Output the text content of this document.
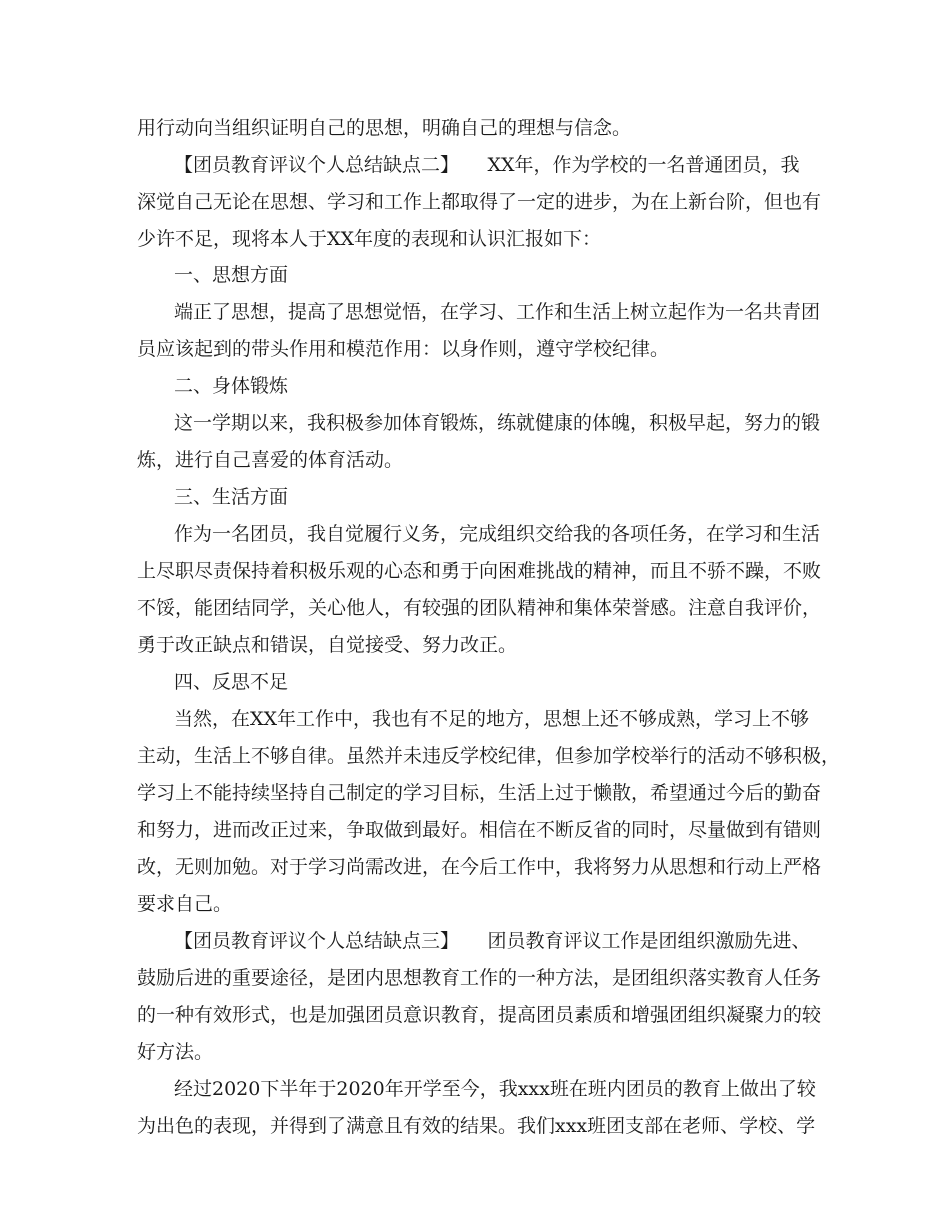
用行动向当组织证明自己的思想，明确自己的理想与信念。
【团员教育评议个人总结缺点二】　　XX年，作为学校的一名普通团员，我
深觉自己无论在思想、学习和工作上都取得了一定的进步，为在上新台阶，但也有
少许不足，现将本人于XX年度的表现和认识汇报如下：
一、思想方面
端正了思想，提高了思想觉悟，在学习、工作和生活上树立起作为一名共青团
员应该起到的带头作用和模范作用：以身作则，遵守学校纪律。
二、身体锻炼
这一学期以来，我积极参加体育锻炼，练就健康的体魄，积极早起，努力的锻
炼，进行自己喜爱的体育活动。
三、生活方面
作为一名团员，我自觉履行义务，完成组织交给我的各项任务，在学习和生活
上尽职尽责保持着积极乐观的心态和勇于向困难挑战的精神，而且不骄不躁，不败
不馁，能团结同学，关心他人，有较强的团队精神和集体荣誉感。注意自我评价，
勇于改正缺点和错误，自觉接受、努力改正。
四、反思不足
当然，在XX年工作中，我也有不足的地方，思想上还不够成熟，学习上不够
主动，生活上不够自律。虽然并未违反学校纪律，但参加学校举行的活动不够积极，
学习上不能持续坚持自己制定的学习目标，生活上过于懒散，希望通过今后的勤奋
和努力，进而改正过来，争取做到最好。相信在不断反省的同时，尽量做到有错则
改，无则加勉。对于学习尚需改进，在今后工作中，我将努力从思想和行动上严格
要求自己。
【团员教育评议个人总结缺点三】　　团员教育评议工作是团组织激励先进、
鼓励后进的重要途径，是团内思想教育工作的一种方法，是团组织落实教育人任务
的一种有效形式，也是加强团员意识教育，提高团员素质和增强团组织凝聚力的较
好方法。
经过2020下半年于2020年开学至今，我xxx班在班内团员的教育上做出了较
为出色的表现，并得到了满意且有效的结果。我们xxx班团支部在老师、学校、学
